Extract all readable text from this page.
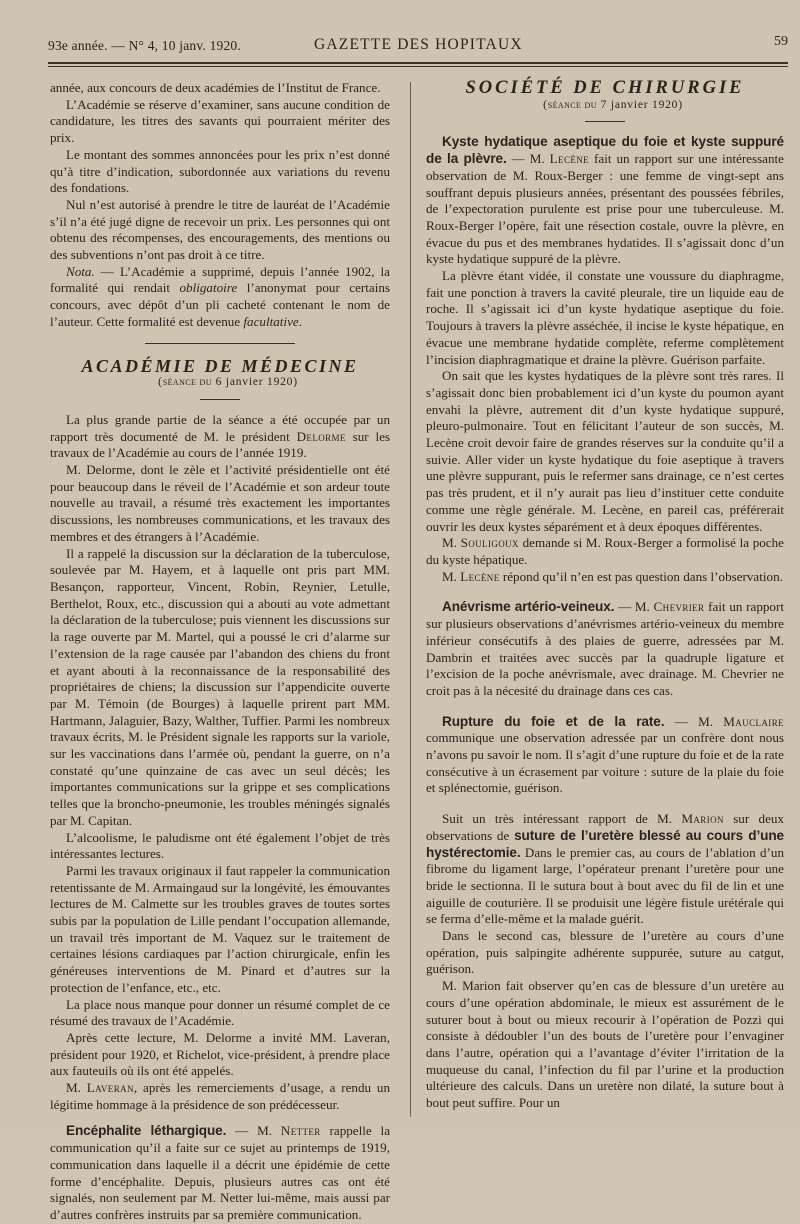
93e année. — N° 4, 10 janv. 1920.	GAZETTE DES HOPITAUX	59

année, aux concours de deux académies de l’Institut de France.

L’Académie se réserve d’examiner, sans aucune condition de candidature, les titres des savants qui pourraient mériter des prix.

Le montant des sommes annoncées pour les prix n’est donné qu’à titre d’indication, subordonnée aux variations du revenu des fondations.

Nul n’est autorisé à prendre le titre de lauréat de l’Académie s’il n’a été jugé digne de recevoir un prix. Les personnes qui ont obtenu des récompenses, des encouragements, des mentions ou des subventions n’ont pas droit à ce titre.

Nota. — L’Académie a supprimé, depuis l’année 1902, la formalité qui rendait obligatoire l’anonymat pour certains concours, avec dépôt d’un pli cacheté contenant le nom de l’auteur. Cette formalité est devenue facultative.

ACADÉMIE DE MÉDECINE

(séance du 6 janvier 1920)

La plus grande partie de la séance a été occupée par un rapport très documenté de M. le président Delorme sur les travaux de l’Académie au cours de l’année 1919.

M. Delorme, dont le zèle et l’activité présidentielle ont été pour beaucoup dans le réveil de l’Académie et son ardeur toute nouvelle au travail, a résumé très exactement les importantes discussions, les nombreuses communications, et les travaux des membres et des étrangers à l’Académie.

Il a rappelé la discussion sur la déclaration de la tuberculose, soulevée par M. Hayem, et à laquelle ont pris part MM. Besançon, rapporteur, Vincent, Robin, Reynier, Letulle, Berthelot, Roux, etc., discussion qui a abouti au vote admettant la déclaration de la tuberculose; puis viennent les discussions sur la rage ouverte par M. Martel, qui a poussé le cri d’alarme sur l’extension de la rage causée par l’abandon des chiens du front et ayant abouti à la reconnaissance de la responsabilité des propriétaires de chiens; la discussion sur l’appendicite ouverte par M. Témoin (de Bourges) à laquelle prirent part MM. Hartmann, Jalaguier, Bazy, Walther, Tuffier. Parmi les nombreux travaux écrits, M. le Président signale les rapports sur la variole, sur les vaccinations dans l’armée où, pendant la guerre, on n’a constaté qu’une quinzaine de cas avec un seul décès; les importantes communications sur la grippe et ses complications telles que la broncho-pneumonie, les troubles méningés signalés par M. Capitan.

L’alcoolisme, le paludisme ont été également l’objet de très intéressantes lectures.

Parmi les travaux originaux il faut rappeler la communication retentissante de M. Armaingaud sur la longévité, les émouvantes lectures de M. Calmette sur les troubles graves de toutes sortes subis par la population de Lille pendant l’occupation allemande, un travail très important de M. Vaquez sur le traitement de certaines lésions cardiaques par l’action chirurgicale, enfin les généreuses interventions de M. Pinard et d’autres sur la protection de l’enfance, etc., etc.

La place nous manque pour donner un résumé complet de ce résumé des travaux de l’Académie.

Après cette lecture, M. Delorme a invité MM. Laveran, président pour 1920, et Richelot, vice-président, à prendre place aux fauteuils où ils ont été appelés.

M. Laveran, après les remerciements d’usage, a rendu un légitime hommage à la présidence de son prédécesseur.

Encéphalite léthargique. — M. Netter rappelle la communication qu’il a faite sur ce sujet au printemps de 1919, communication dans laquelle il a décrit une épidémie de cette forme d’encéphalite. Depuis, plusieurs autres cas ont été signalés, non seulement par M. Netter lui-même, mais aussi par d’autres confrères instruits par sa première communication.

SOCIÉTÉ DE CHIRURGIE

(séance du 7 janvier 1920)

Kyste hydatique aseptique du foie et kyste suppuré de la plèvre. — M. Lecène fait un rapport sur une intéressante observation de M. Roux-Berger : une femme de vingt-sept ans souffrant depuis plusieurs années, présentant des poussées fébriles, de l’expectoration purulente est prise pour une tuberculeuse. M. Roux-Berger l’opère, fait une résection costale, ouvre la plèvre, en évacue du pus et des membranes hydatides. Il s’agissait donc d’un kyste hydatique suppuré de la plèvre.

La plèvre étant vidée, il constate une voussure du diaphragme, fait une ponction à travers la cavité pleurale, tire un liquide eau de roche. Il s’agissait ici d’un kyste hydatique aseptique du foie. Toujours à travers la plèvre asséchée, il incise le kyste hépatique, en évacue une membrane hydatide complète, referme complètement l’incision diaphragmatique et draine la plèvre. Guérison parfaite.

On sait que les kystes hydatiques de la plèvre sont très rares. Il s’agissait donc bien probablement ici d’un kyste du poumon ayant envahi la plèvre, autrement dit d’un kyste hydatique suppuré, pleuro-pulmonaire. Tout en félicitant l’auteur de son succès, M. Lecène croit devoir faire de grandes réserves sur la conduite qu’il a suivie. Aller vider un kyste hydatique du foie aseptique à travers une plèvre suppurant, puis le refermer sans drainage, ce n’est certes pas très prudent, et il n’y aurait pas lieu d’instituer cette conduite comme une règle générale. M. Lecène, en pareil cas, préférerait ouvrir les deux kystes séparément et à deux époques différentes.

M. Souligoux demande si M. Roux-Berger a formolisé la poche du kyste hépatique.

M. Lecène répond qu’il n’en est pas question dans l’observation.

Anévrisme artério-veineux. — M. Chevrier fait un rapport sur plusieurs observations d’anévrismes artério-veineux du membre inférieur consécutifs à des plaies de guerre, adressées par M. Dambrin et traitées avec succès par la quadruple ligature et l’excision de la poche anévrismale, avec drainage. M. Chevrier ne croit pas à la nécesité du drainage dans ces cas.

Rupture du foie et de la rate. — M. Mauclaire communique une observation adressée par un confrère dont nous n’avons pu savoir le nom. Il s’agit d’une rupture du foie et de la rate consécutive à un écrasement par voiture : suture de la plaie du foie et splénectomie, guérison.

Suit un très intéressant rapport de M. Marion sur deux observations de suture de l’uretère blessé au cours d’une hystérectomie. Dans le premier cas, au cours de l’ablation d’un fibrome du ligament large, l’opérateur prenant l’uretère pour une bride le sectionna. Il le sutura bout à bout avec du fil de lin et une aiguille de couturière. Il se produisit une légère fistule urétérale qui se ferma d’elle-même et la malade guérit.

Dans le second cas, blessure de l’uretère au cours d’une opération, puis salpingite adhérente suppurée, suture au catgut, guérison.

M. Marion fait observer qu’en cas de blessure d’un uretère au cours d’une opération abdominale, le mieux est assurément de le suturer bout à bout ou mieux recourir à l’opération de Pozzi qui consiste à dédoubler l’un des bouts de l’uretère pour l’envaginer dans l’autre, opération qui a l’avantage d’éviter l’irritation de la muqueuse du canal, l’infection du fil par l’urine et la production ultérieure des calculs. Dans un uretère non dilaté, la suture bout à bout peut suffire. Pour un
